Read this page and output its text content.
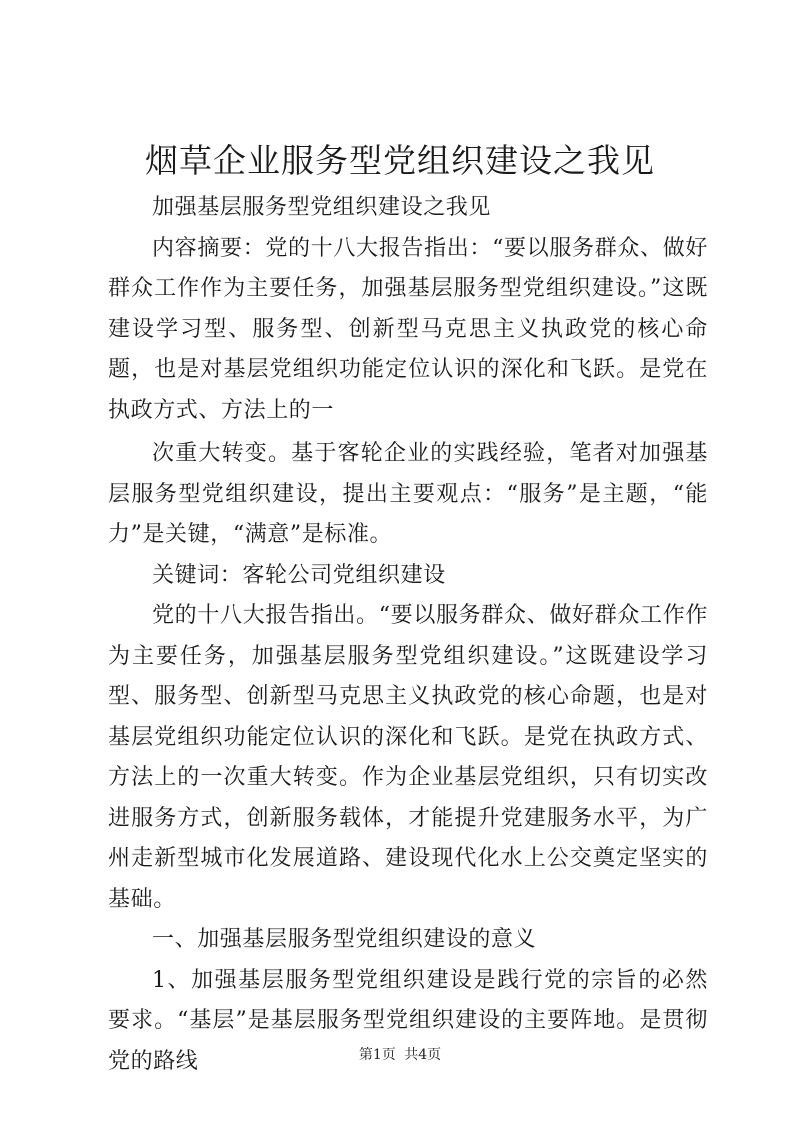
烟草企业服务型党组织建设之我见

加强基层服务型党组织建设之我见

内容摘要：党的十八大报告指出：“要以服务群众、做好群众工作作为主要任务，加强基层服务型党组织建设。”这既建设学习型、服务型、创新型马克思主义执政党的核心命题，也是对基层党组织功能定位认识的深化和飞跃。是党在执政方式、方法上的一

次重大转变。基于客轮企业的实践经验，笔者对加强基层服务型党组织建设，提出主要观点：“服务”是主题，“能力”是关键，“满意”是标准。

关键词：客轮公司党组织建设

党的十八大报告指出。“要以服务群众、做好群众工作作为主要任务，加强基层服务型党组织建设。”这既建设学习型、服务型、创新型马克思主义执政党的核心命题，也是对基层党组织功能定位认识的深化和飞跃。是党在执政方式、方法上的一次重大转变。作为企业基层党组织，只有切实改进服务方式，创新服务载体，才能提升党建服务水平，为广州走新型城市化发展道路、建设现代化水上公交奠定坚实的基础。

一、加强基层服务型党组织建设的意义

1、加强基层服务型党组织建设是践行党的宗旨的必然要求。“基层”是基层服务型党组织建设的主要阵地。是贯彻党的路线	第1页 共4页
